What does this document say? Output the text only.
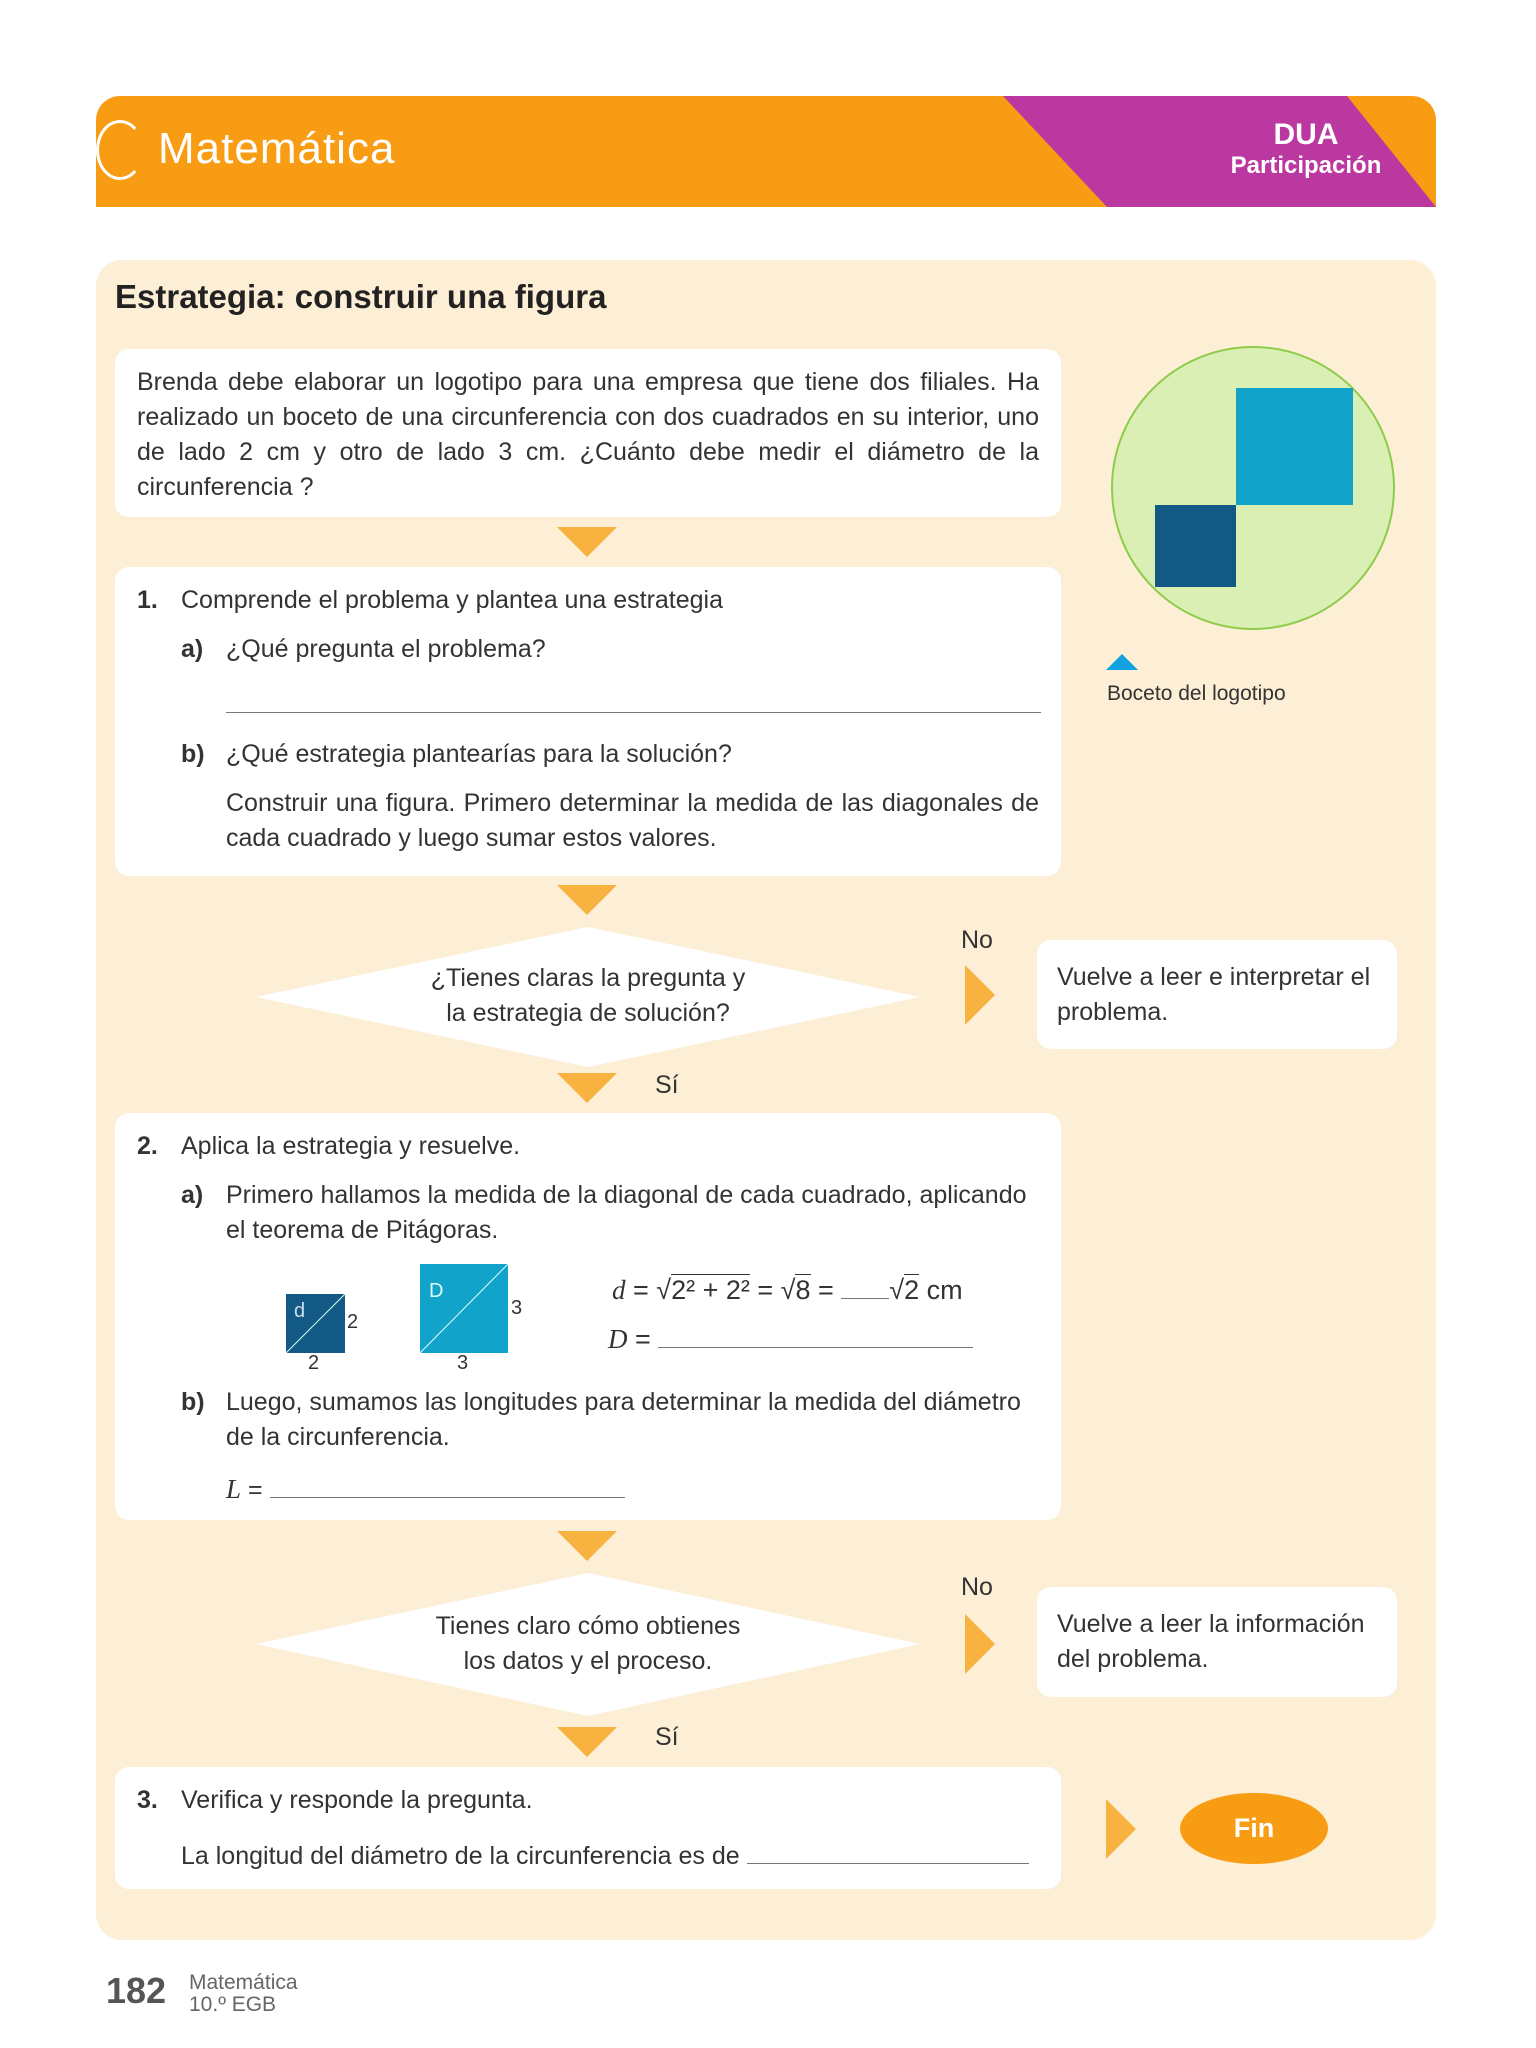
Matemática	DUA
Participación
Estrategia: construir una figura
Brenda debe elaborar un logotipo para una empresa que tiene dos filiales. Ha realizado un boceto de una circunferencia con dos cuadrados en su interior, uno de lado 2 cm y otro de lado 3 cm. ¿Cuánto debe medir el diámetro de la circunferencia ?
Boceto del logotipo
1. Comprende el problema y plantea una estrategia
a) ¿Qué pregunta el problema?
b) ¿Qué estrategia plantearías para la solución?
Construir una figura. Primero determinar la medida de las diagonales de cada cuadrado y luego sumar estos valores.
¿Tienes claras la pregunta y
la estrategia de solución?
No
Vuelve a leer e interpretar el problema.
Sí
2. Aplica la estrategia y resuelve.
a) Primero hallamos la medida de la diagonal de cada cuadrado, aplicando el teorema de Pitágoras.
d 2
2
D
3
3
d = √2² + 2² = √8 = √2 cm
D =
b) Luego, sumamos las longitudes para determinar la medida del diámetro de la circunferencia.
L =
Tienes claro cómo obtienes
los datos y el proceso.
No
Vuelve a leer la información del problema.
Sí
3. Verifica y responde la pregunta.
La longitud del diámetro de la circunferencia es de
Fin
182 Matemática
10.º EGB
